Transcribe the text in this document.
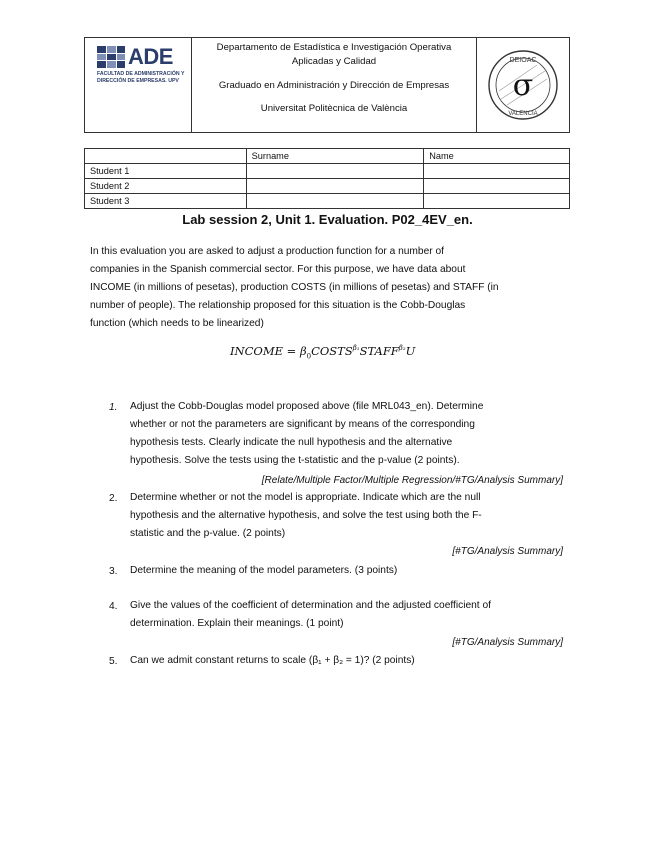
ADE
FACULTAD DE ADMINISTRACIÓN Y
DIRECCIÓN DE EMPRESAS. UPV
Departamento de Estadística e Investigación Operativa
Aplicadas y Calidad
Graduado en Administración y Dirección de Empresas
Universitat Politècnica de València
DEIOAC
σ
VALENCIA
	Surname	Name
Student 1		
Student 2		
Student 3		
Lab session 2, Unit 1. Evaluation. P02_4EV_en.
In this evaluation you are asked to adjust a production function for a number of
companies in the Spanish commercial sector. For this purpose, we have data about
INCOME (in millions of pesetas), production COSTS (in millions of pesetas) and STAFF (in
number of people). The relationship proposed for this situation is the Cobb-Douglas
function (which needs to be linearized)
INCOME = $\beta_0COSTS^{\beta_1}STAFF^{\beta_2}U$
1. Adjust the Cobb-Douglas model proposed above (file MRL043_en). Determine
whether or not the parameters are significant by means of the corresponding
hypothesis tests. Clearly indicate the null hypothesis and the alternative
hypothesis. Solve the tests using the t-statistic and the p-value (2 points).
[Relate/Multiple Factor/Multiple Regression/#TG/Analysis Summary]
2. Determine whether or not the model is appropriate. Indicate which are the null
hypothesis and the alternative hypothesis, and solve the test using both the F-
statistic and the p-value. (2 points)
[#TG/Analysis Summary]
3. Determine the meaning of the model parameters. (3 points)
4. Give the values of the coefficient of determination and the adjusted coefficient of
determination. Explain their meanings. (1 point)
[#TG/Analysis Summary]
5. Can we admit constant returns to scale (β₁ + β₂ = 1)? (2 points)
